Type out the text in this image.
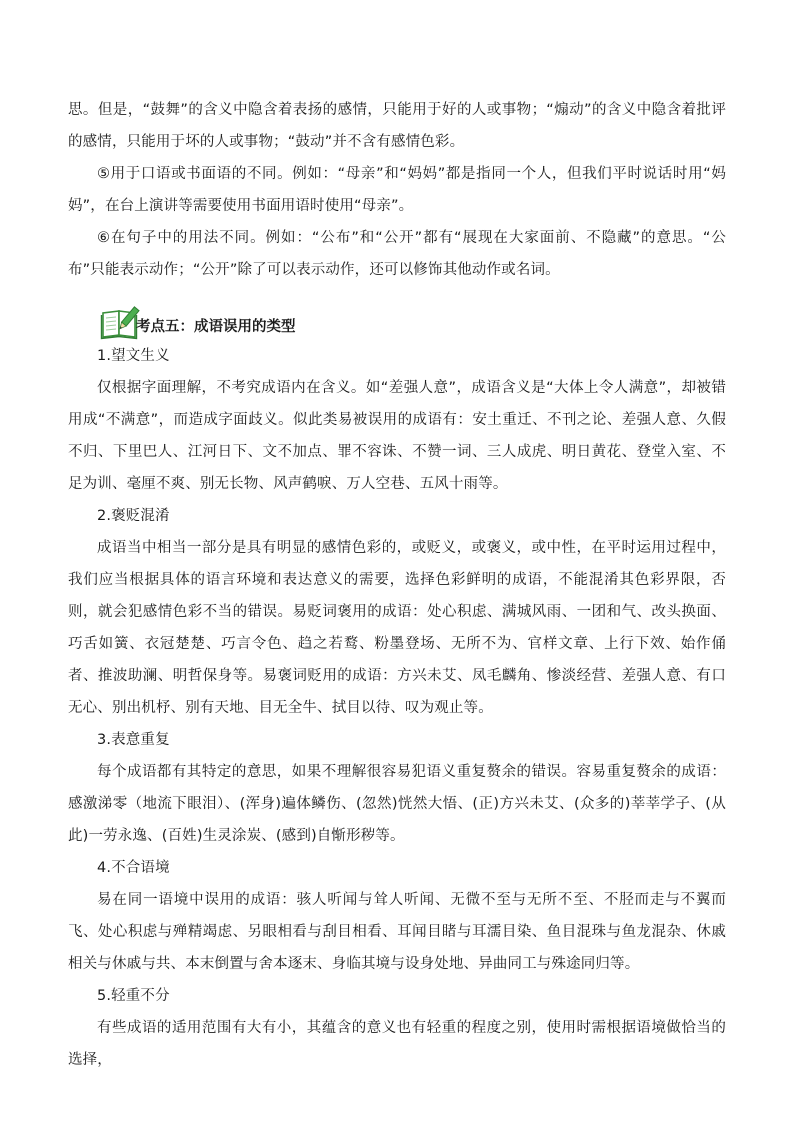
思。但是，“鼓舞”的含义中隐含着表扬的感情，只能用于好的人或事物；“煽动”的含义中隐含着批评的感情，只能用于坏的人或事物；“鼓动”并不含有感情色彩。

⑤用于口语或书面语的不同。例如：“母亲”和“妈妈”都是指同一个人，但我们平时说话时用“妈妈”，在台上演讲等需要使用书面用语时使用“母亲”。

⑥在句子中的用法不同。例如：“公布”和“公开”都有“展现在大家面前、不隐藏”的意思。“公布”只能表示动作；“公开”除了可以表示动作，还可以修饰其他动作或名词。

考点五：成语误用的类型

1.望文生义

仅根据字面理解，不考究成语内在含义。如“差强人意”，成语含义是“大体上令人满意”，却被错用成“不满意”，而造成字面歧义。似此类易被误用的成语有：安土重迁、不刊之论、差强人意、久假不归、下里巴人、江河日下、文不加点、罪不容诛、不赞一词、三人成虎、明日黄花、登堂入室、不足为训、毫厘不爽、别无长物、风声鹤唳、万人空巷、五风十雨等。

2.褒贬混淆

成语当中相当一部分是具有明显的感情色彩的，或贬义，或褒义，或中性，在平时运用过程中，我们应当根据具体的语言环境和表达意义的需要，选择色彩鲜明的成语，不能混淆其色彩界限，否则，就会犯感情色彩不当的错误。易贬词褒用的成语：处心积虑、满城风雨、一团和气、改头换面、巧舌如簧、衣冠楚楚、巧言令色、趋之若鹜、粉墨登场、无所不为、官样文章、上行下效、始作俑者、推波助澜、明哲保身等。易褒词贬用的成语：方兴未艾、凤毛麟角、惨淡经营、差强人意、有口无心、别出机杼、别有天地、目无全牛、拭目以待、叹为观止等。

3.表意重复

每个成语都有其特定的意思，如果不理解很容易犯语义重复赘余的错误。容易重复赘余的成语：感激涕零（地流下眼泪）、(浑身)遍体鳞伤、(忽然)恍然大悟、(正)方兴未艾、(众多的)莘莘学子、(从此)一劳永逸、(百姓)生灵涂炭、(感到)自惭形秽等。

4.不合语境

易在同一语境中误用的成语：骇人听闻与耸人听闻、无微不至与无所不至、不胫而走与不翼而飞、处心积虑与殚精竭虑、另眼相看与刮目相看、耳闻目睹与耳濡目染、鱼目混珠与鱼龙混杂、休戚相关与休戚与共、本末倒置与舍本逐末、身临其境与设身处地、异曲同工与殊途同归等。

5.轻重不分

有些成语的适用范围有大有小，其蕴含的意义也有轻重的程度之别，使用时需根据语境做恰当的选择，
